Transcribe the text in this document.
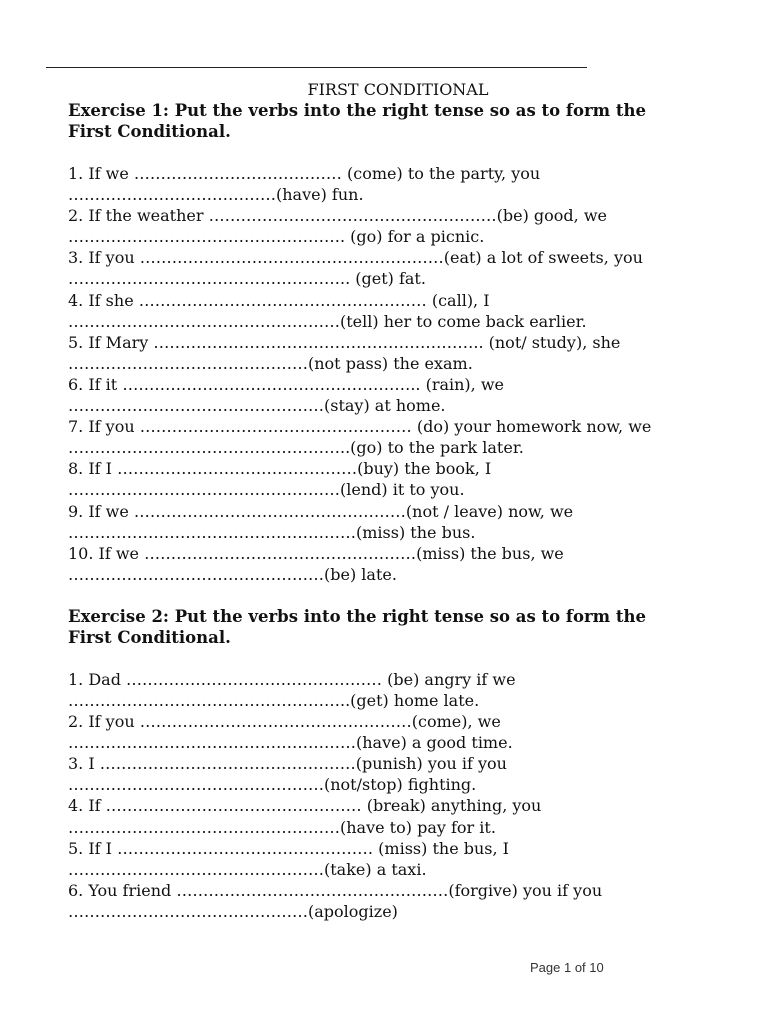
FIRST CONDITIONAL

Exercise 1: Put the verbs into the right tense so as to form the
First Conditional.

1. If we ………………………………… (come) to the party, you
…………………………………(have) fun.
2. If the weather ………………………………………………(be) good, we
……………………………………………. (go) for a picnic.
3. If you …………………………………………………(eat) a lot of sweets, you
…………………………………………….. (get) fat.
4. If she ……………………………………………… (call), I
……………………………………………(tell) her to come back earlier.
5. If Mary …………………………………………………….. (not/ study), she
………………………………………(not pass) the exam.
6. If it ……………………………………………….. (rain), we
…………………………………………(stay) at home.
7. If you …………………………………………… (do) your homework now, we
……………………………………………..(go) to the park later.
8. If I ………………………………………(buy) the book, I
……………………………………………(lend) it to you.
9. If we ……………………………………………(not / leave) now, we
………………………………………………(miss) the bus.
10. If we ……………………………………………(miss) the bus, we
…………………………………………(be) late.

Exercise 2: Put the verbs into the right tense so as to form the
First Conditional.

1. Dad ………………………………………… (be) angry if we
……………………………………………..(get) home late.
2. If you ……………………………………………(come), we
………………………………………………(have) a good time.
3. I …………………………………………(punish) you if you
…………………………………………(not/stop) fighting.
4. If ………………………………………… (break) anything, you
……………………………………………(have to) pay for it.
5. If I ………………………………………… (miss) the bus, I
…………………………………………(take) a taxi.
6. You friend ……………………………………………(forgive) you if you
………………………………………(apologize)
Page 1 of 10
